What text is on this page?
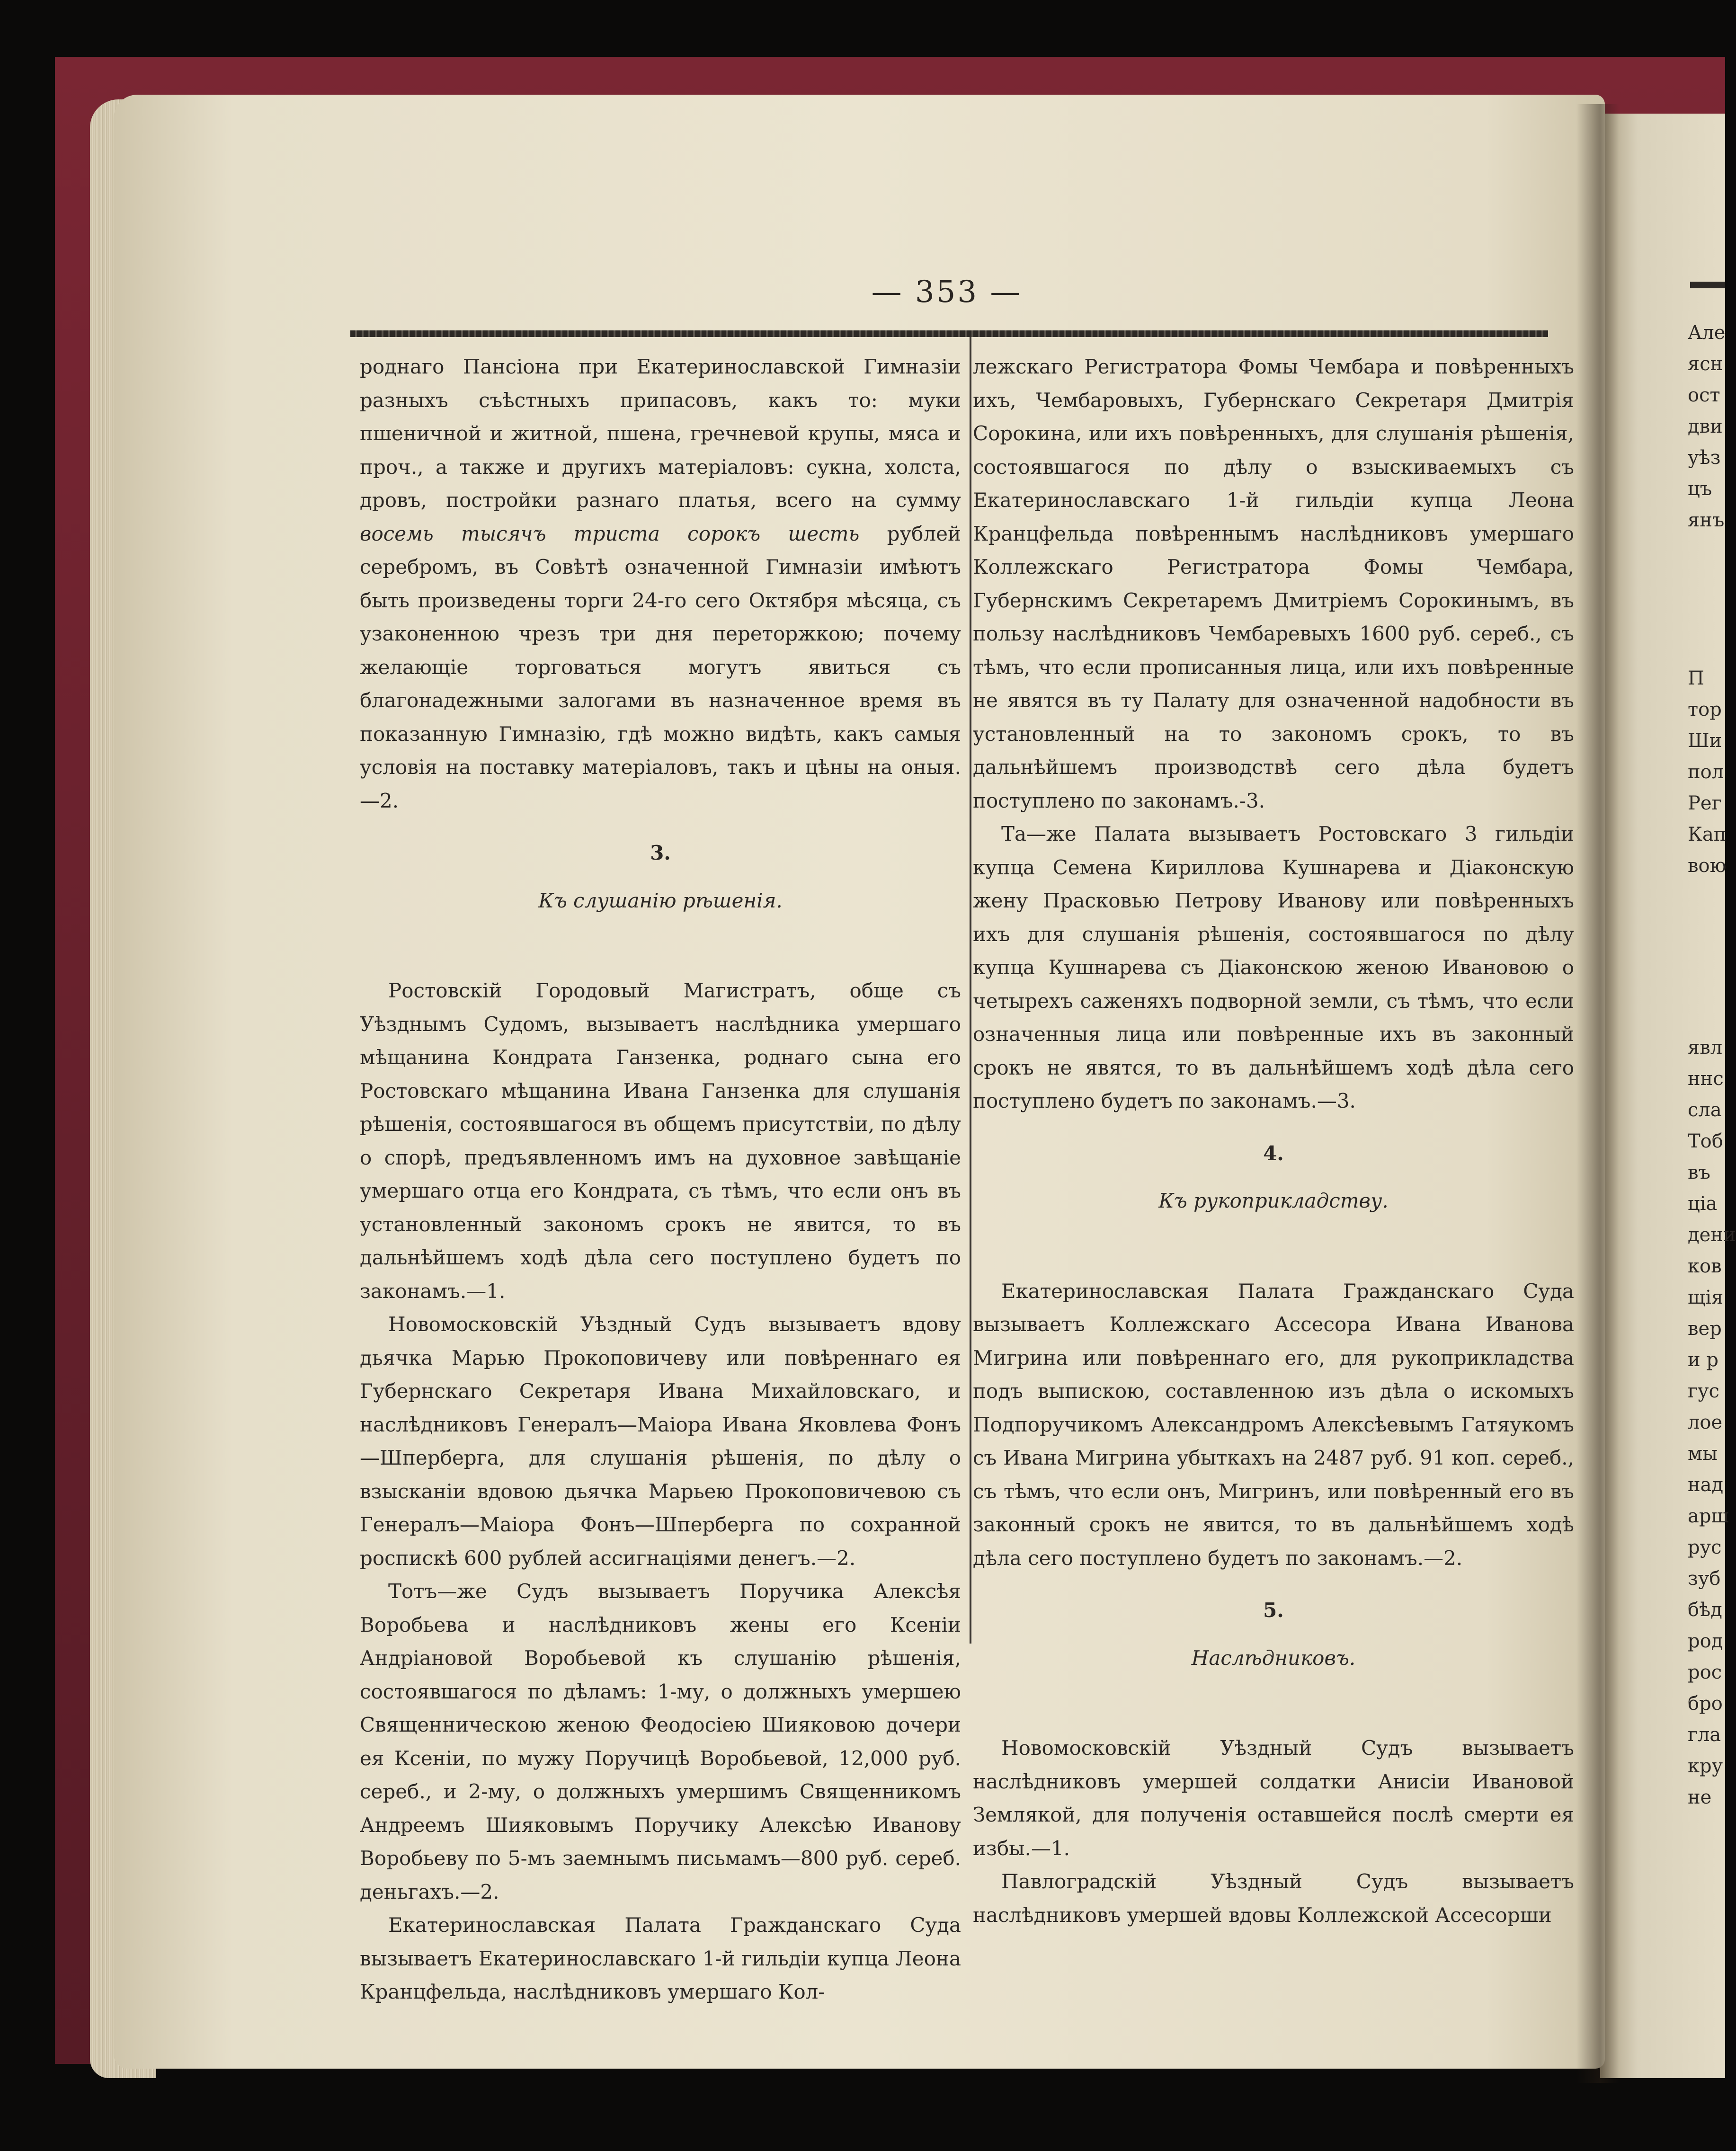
— 353 —

роднаго Пансіона при Екатеринославской Гимназіи разныхъ съѣстныхъ припасовъ, какъ то: муки пшеничной и житной, пшена, гречневой крупы, мяса и проч., а также и другихъ матеріаловъ: сукна, холста, дровъ, постройки разнаго платья, всего на сумму восемь тысячъ триста сорокъ шесть рублей серебромъ, въ Совѣтѣ означенной Гимназіи имѣютъ быть произведены торги 24-го сего Октября мѣсяца, съ узаконенною чрезъ три дня переторжкою; почему желающіе торговаться могутъ явиться съ благонадежными залогами въ назначенное время въ показанную Гимназію, гдѣ можно видѣть, какъ самыя условія на поставку матеріаловъ, такъ и цѣны на оныя.—2.

3.
Къ слушанію рѣшенія.

Ростовскій Городовый Магистратъ, общe съ Уѣзднымъ Судомъ, вызываетъ наслѣдника умершаго мѣщанина Кондрата Ганзенка, роднаго сына его Ростовскаго мѣщанина Ивана Ганзенка для слушанія рѣшенія, состоявшагося въ общемъ присутствіи, по дѣлу о спорѣ, предъявленномъ имъ на духовное завѣщаніе умершаго отца его Кондрата, съ тѣмъ, что если онъ въ установленный закономъ срокъ не явится, то въ дальнѣйшемъ ходѣ дѣла сего поступлено будетъ по законамъ.—1.

Новомосковскій Уѣздный Судъ вызываетъ вдову дьячка Марью Прокоповичеву или повѣреннаго ея Губернскаго Секретаря Ивана Михайловскаго, и наслѣдниковъ Генералъ—Маіора Ивана Яковлева Фонъ—Шперберга, для слушанія рѣшенія, по дѣлу о взысканіи вдовою дьячка Марьею Прокоповичевою съ Генералъ—Маіора Фонъ—Шперберга по сохранной роспискѣ 600 рублей ассигнаціями денегъ.—2.

Тотъ—же Судъ вызываетъ Поручика Алексѣя Воробьева и наслѣдниковъ жены его Ксеніи Андріановой Воробьевой къ слушанію рѣшенія, состоявшагося по дѣламъ: 1-му, о должныхъ умершею Священническою женою Феодосіею Шияковою дочери ея Ксеніи, по мужу Поручицѣ Воробьевой, 12,000 руб. сереб., и 2-му, о должныхъ умершимъ Священникомъ Андреемъ Шияковымъ Поручику Алексѣю Иванову Воробьеву по 5-мъ заемнымъ письмамъ—800 руб. сереб. деньгахъ.—2.

Екатеринославская Палата Гражданскаго Суда вызываетъ Екатеринославскаго 1-й гильдіи купца Леона Кранцфельда, наслѣдниковъ умершаго Кол-

лежскаго Регистратора Фомы Чембара и повѣренныхъ ихъ, Чембаровыхъ, Губернскаго Секретаря Дмитрія Сорокина, или ихъ повѣренныхъ, для слушанія рѣшенія, состоявшагося по дѣлу о взыскиваемыхъ съ Екатеринославскаго 1-й гильдіи купца Леона Кранцфельда повѣреннымъ наслѣдниковъ умершаго Коллежскаго Регистратора Фомы Чембара, Губернскимъ Секретаремъ Дмитріемъ Сорокинымъ, въ пользу наслѣдниковъ Чембаревыхъ 1600 руб. сереб., съ тѣмъ, что если прописанныя лица, или ихъ повѣренные не явятся въ ту Палату для означенной надобности въ установленный на то закономъ срокъ, то въ дальнѣйшемъ производствѣ сего дѣла будетъ поступлено по законамъ.-3.

Та—же Палата вызываетъ Ростовскаго 3 гильдіи купца Семена Кириллова Кушнарева и Діаконскую жену Прасковью Петрову Иванову или повѣренныхъ ихъ для слушанія рѣшенія, состоявшагося по дѣлу купца Кушнарева съ Діаконскою женою Ивановою о четырехъ саженяхъ подворной земли, съ тѣмъ, что если означенныя лица или повѣренные ихъ въ законный срокъ не явятся, то въ дальнѣйшемъ ходѣ дѣла сего поступлено будетъ по законамъ.—3.

4.
Къ рукоприкладству.

Екатеринославская Палата Гражданскаго Суда вызываетъ Коллежскаго Ассесора Ивана Иванова Мигрина или повѣреннаго его, для рукоприкладства подъ выпискою, составленною изъ дѣла о искомыхъ Подпоручикомъ Александромъ Алексѣевымъ Гатяукомъ съ Ивана Мигрина убыткахъ на 2487 руб. 91 коп. сереб., съ тѣмъ, что если онъ, Мигринъ, или повѣренный его въ законный срокъ не явится, то въ дальнѣйшемъ ходѣ дѣла сего поступлено будетъ по законамъ.—2.

5.
Наслѣдниковъ.

Новомосковскій Уѣздный Судъ вызываетъ наслѣдниковъ умершей солдатки Анисіи Ивановой Землякой, для полученія оставшейся послѣ смерти ея избы.—1.

Павлоградскій Уѣздный Судъ вызываетъ наслѣдниковъ умершей вдовы Коллежской Ассесорши

Але
ясн
ост
дви
уѣз
цъ
янъ
П
тор
Ши
пол
Рег
Кап
вою
явл
ннс
сла
Тоб
въ
ціа
дени
ков
щія
вер
и р
гус
лое
мы
над
арш
рус
зуб
бѣд
род
рос
бро
гла
кру
не
